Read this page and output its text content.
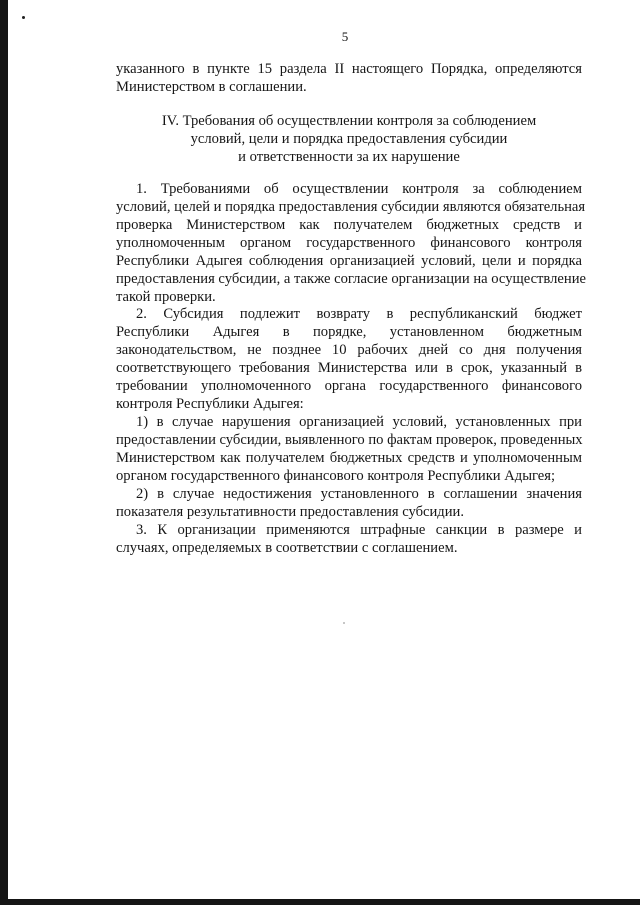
5
указанного в пункте 15 раздела II настоящего Порядка, определяются
Министерством в соглашении.
IV. Требования об осуществлении контроля за соблюдением
условий, цели и порядка предоставления субсидии
и ответственности за их нарушение
1. Требованиями об осуществлении контроля за соблюдением
условий, целей и порядка предоставления субсидии являются обязательная
проверка Министерством как получателем бюджетных средств и
уполномоченным органом государственного финансового контроля
Республики Адыгея соблюдения организацией условий, цели и порядка
предоставления субсидии, а также согласие организации на осуществление
такой проверки.
2. Субсидия подлежит возврату в республиканский бюджет
Республики Адыгея в порядке, установленном бюджетным
законодательством, не позднее 10 рабочих дней со дня получения
соответствующего требования Министерства или в срок, указанный в
требовании уполномоченного органа государственного финансового
контроля Республики Адыгея:
1) в случае нарушения организацией условий, установленных при
предоставлении субсидии, выявленного по фактам проверок, проведенных
Министерством как получателем бюджетных средств и уполномоченным
органом государственного финансового контроля Республики Адыгея;
2) в случае недостижения установленного в соглашении значения
показателя результативности предоставления субсидии.
3. К организации применяются штрафные санкции в размере и
случаях, определяемых в соответствии с соглашением.
